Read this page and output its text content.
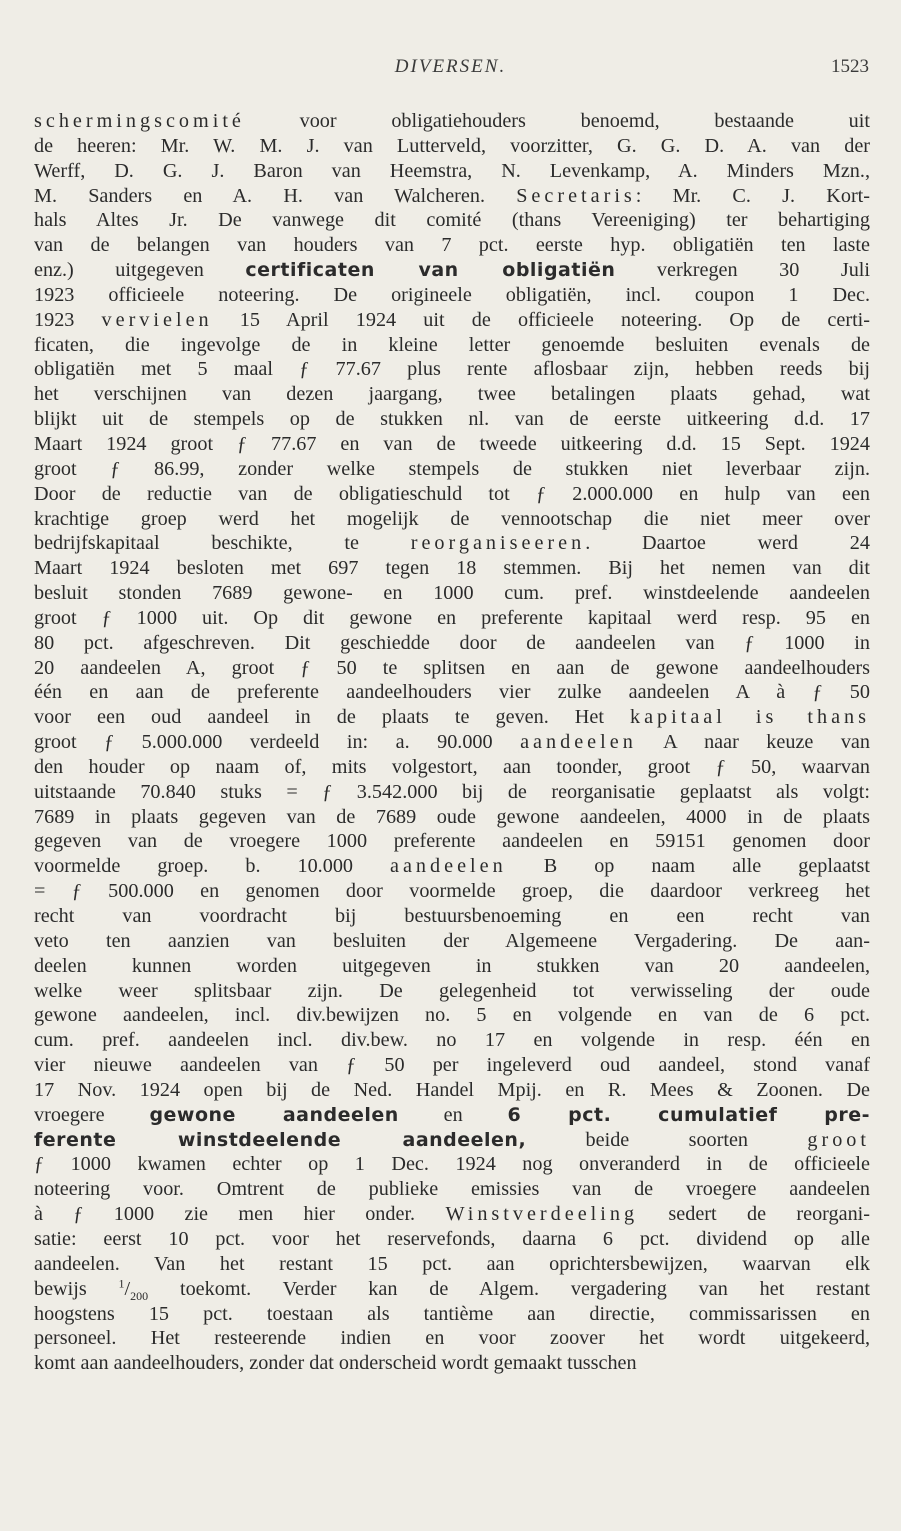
DIVERSEN.	1523
schermingscomité voor obligatiehouders benoemd, bestaande uit
de heeren: Mr. W. M. J. van Lutterveld, voorzitter, G. G. D. A. van der
Werff, D. G. J. Baron van Heemstra, N. Levenkamp, A. Minders Mzn.,
M. Sanders en A. H. van Walcheren. Secretaris: Mr. C. J. Kort-
hals Altes Jr. De vanwege dit comité (thans Vereeniging) ter behartiging
van de belangen van houders van 7 pct. eerste hyp. obligatiën ten laste
enz.) uitgegeven certificaten van obligatiën verkregen 30 Juli
1923 officieele noteering. De origineele obligatiën, incl. coupon 1 Dec.
1923 vervielen 15 April 1924 uit de officieele noteering. Op de certi-
ficaten, die ingevolge de in kleine letter genoemde besluiten evenals de
obligatiën met 5 maal ƒ 77.67 plus rente aflosbaar zijn, hebben reeds bij
het verschijnen van dezen jaargang, twee betalingen plaats gehad, wat
blijkt uit de stempels op de stukken nl. van de eerste uitkeering d.d. 17
Maart 1924 groot ƒ 77.67 en van de tweede uitkeering d.d. 15 Sept. 1924
groot ƒ 86.99, zonder welke stempels de stukken niet leverbaar zijn.
Door de reductie van de obligatieschuld tot ƒ 2.000.000 en hulp van een
krachtige groep werd het mogelijk de vennootschap die niet meer over
bedrijfskapitaal beschikte, te reorganiseeren. Daartoe werd 24
Maart 1924 besloten met 697 tegen 18 stemmen. Bij het nemen van dit
besluit stonden 7689 gewone- en 1000 cum. pref. winstdeelende aandeelen
groot ƒ 1000 uit. Op dit gewone en preferente kapitaal werd resp. 95 en
80 pct. afgeschreven. Dit geschiedde door de aandeelen van ƒ 1000 in
20 aandeelen A, groot ƒ 50 te splitsen en aan de gewone aandeelhouders
één en aan de preferente aandeelhouders vier zulke aandeelen A à ƒ 50
voor een oud aandeel in de plaats te geven. Het kapitaal is thans
groot ƒ 5.000.000 verdeeld in: a. 90.000 aandeelen A naar keuze van
den houder op naam of, mits volgestort, aan toonder, groot ƒ 50, waarvan
uitstaande 70.840 stuks = ƒ 3.542.000 bij de reorganisatie geplaatst als volgt:
7689 in plaats gegeven van de 7689 oude gewone aandeelen, 4000 in de plaats
gegeven van de vroegere 1000 preferente aandeelen en 59151 genomen door
voormelde groep. b. 10.000 aandeelen B op naam alle geplaatst
= ƒ 500.000 en genomen door voormelde groep, die daardoor verkreeg het
recht van voordracht bij bestuursbenoeming en een recht van
veto ten aanzien van besluiten der Algemeene Vergadering. De aan-
deelen kunnen worden uitgegeven in stukken van 20 aandeelen,
welke weer splitsbaar zijn. De gelegenheid tot verwisseling der oude
gewone aandeelen, incl. div.bewijzen no. 5 en volgende en van de 6 pct.
cum. pref. aandeelen incl. div.bew. no 17 en volgende in resp. één en
vier nieuwe aandeelen van ƒ 50 per ingeleverd oud aandeel, stond vanaf
17 Nov. 1924 open bij de Ned. Handel Mpij. en R. Mees & Zoonen. De
vroegere gewone aandeelen en 6 pct. cumulatief pre-
ferente winstdeelende aandeelen, beide soorten groot
ƒ 1000 kwamen echter op 1 Dec. 1924 nog onveranderd in de officieele
noteering voor. Omtrent de publieke emissies van de vroegere aandeelen
à ƒ 1000 zie men hier onder. Winstverdeeling sedert de reorgani-
satie: eerst 10 pct. voor het reservefonds, daarna 6 pct. dividend op alle
aandeelen. Van het restant 15 pct. aan oprichtersbewijzen, waarvan elk
bewijs $^1/_{200}$ toekomt. Verder kan de Algem. vergadering van het restant
hoogstens 15 pct. toestaan als tantième aan directie, commissarissen en
personeel. Het resteerende indien en voor zoover het wordt uitgekeerd,
komt aan aandeelhouders, zonder dat onderscheid wordt gemaakt tusschen
